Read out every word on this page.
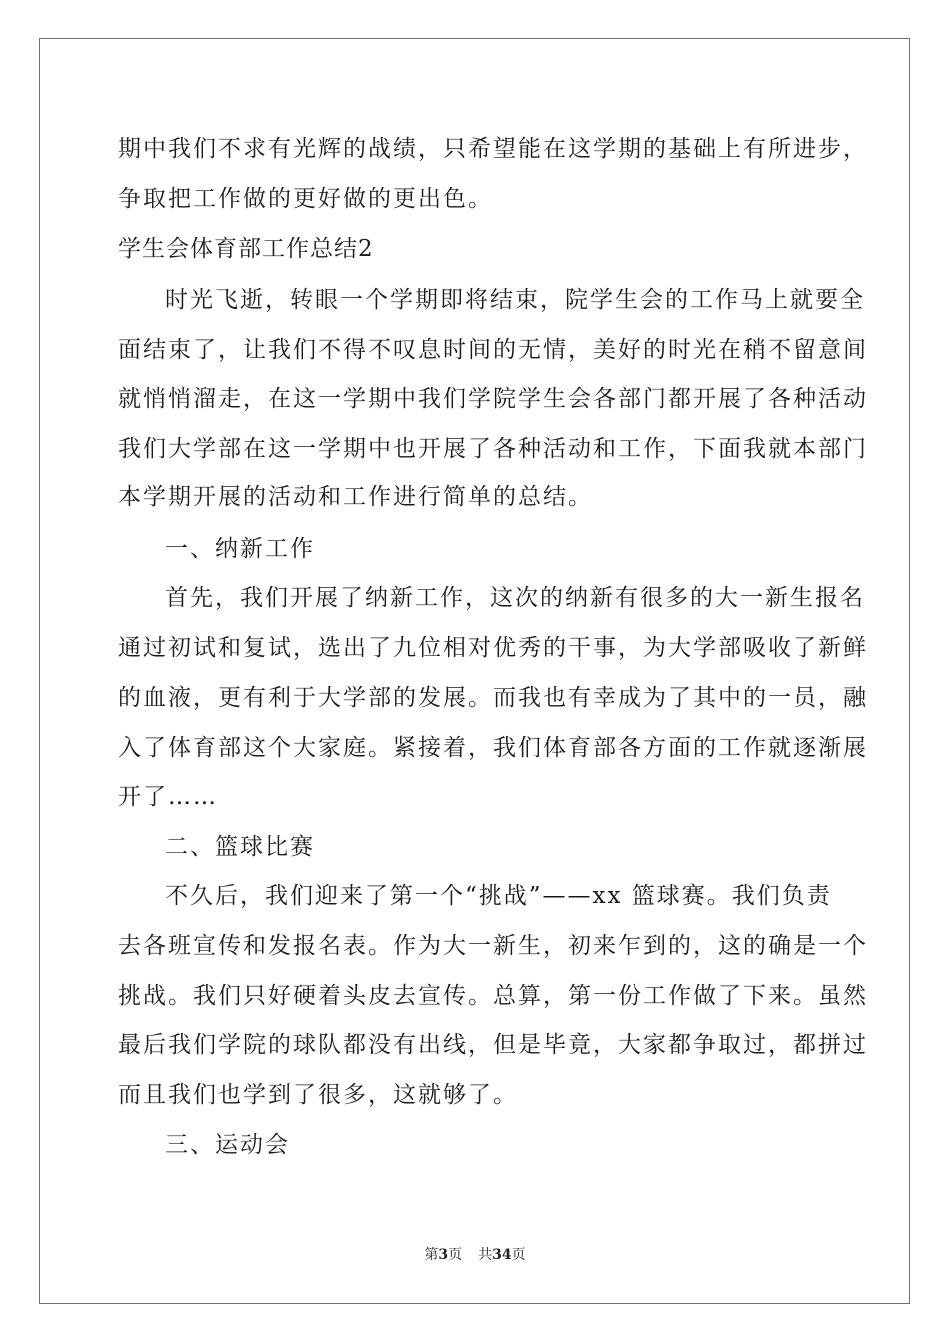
期中我们不求有光辉的战绩，只希望能在这学期的基础上有所进步，
争取把工作做的更好做的更出色。
学生会体育部工作总结2
时光飞逝，转眼一个学期即将结束，院学生会的工作马上就要全
面结束了，让我们不得不叹息时间的无情，美好的时光在稍不留意间
就悄悄溜走，在这一学期中我们学院学生会各部门都开展了各种活动
我们大学部在这一学期中也开展了各种活动和工作，下面我就本部门
本学期开展的活动和工作进行简单的总结。
一、纳新工作
首先，我们开展了纳新工作，这次的纳新有很多的大一新生报名
通过初试和复试，选出了九位相对优秀的干事，为大学部吸收了新鲜
的血液，更有利于大学部的发展。而我也有幸成为了其中的一员，融
入了体育部这个大家庭。紧接着，我们体育部各方面的工作就逐渐展
开了……
二、篮球比赛
不久后，我们迎来了第一个“挑战”——xx 篮球赛。我们负责
去各班宣传和发报名表。作为大一新生，初来乍到的，这的确是一个
挑战。我们只好硬着头皮去宣传。总算，第一份工作做了下来。虽然
最后我们学院的球队都没有出线，但是毕竟，大家都争取过，都拼过
而且我们也学到了很多，这就够了。
三、运动会
第3页 共34页
